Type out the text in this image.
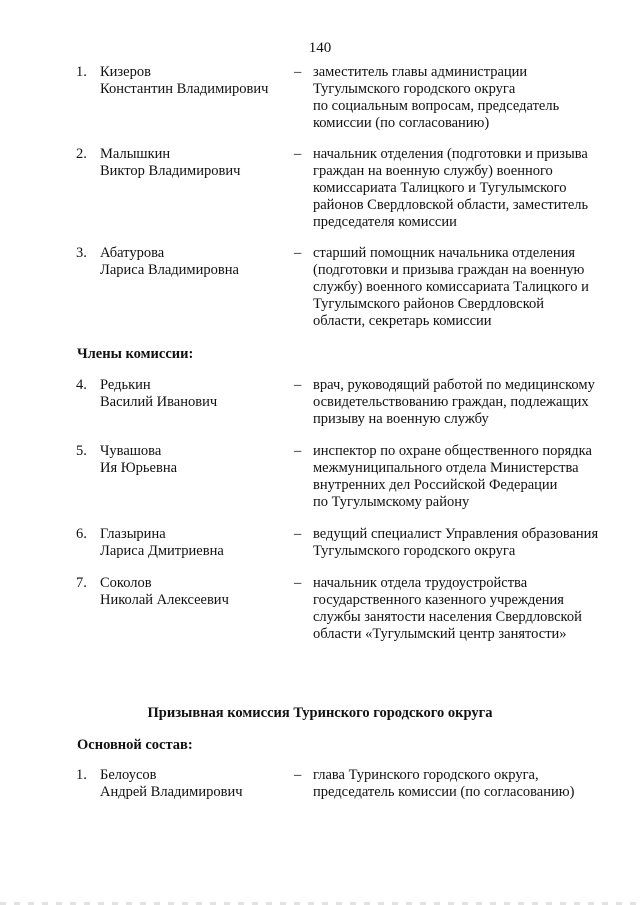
140
1. Кизеров
Константин Владимирович
– заместитель главы администрации
Тугулымского городского округа
по социальным вопросам, председатель
комиссии (по согласованию)
2. Малышкин
Виктор Владимирович
– начальник отделения (подготовки и призыва
граждан на военную службу) военного
комиссариата Талицкого и Тугулымского
районов Свердловской области, заместитель
председателя комиссии
3. Абатурова
Лариса Владимировна
– старший помощник начальника отделения
(подготовки и призыва граждан на военную
службу) военного комиссариата Талицкого и
Тугулымского районов Свердловской
области, секретарь комиссии
Члены комиссии:
4. Редькин
Василий Иванович
– врач, руководящий работой по медицинскому
освидетельствованию граждан, подлежащих
призыву на военную службу
5. Чувашова
Ия Юрьевна
– инспектор по охране общественного порядка
межмуниципального отдела Министерства
внутренних дел Российской Федерации
по Тугулымскому району
6. Глазырина
Лариса Дмитриевна
– ведущий специалист Управления образования
Тугулымского городского округа
7. Соколов
Николай Алексеевич
– начальник отдела трудоустройства
государственного казенного учреждения
службы занятости населения Свердловской
области «Тугулымский центр занятости»
Призывная комиссия Туринского городского округа
Основной состав:
1. Белоусов
Андрей Владимирович
– глава Туринского городского округа,
председатель комиссии (по согласованию)
